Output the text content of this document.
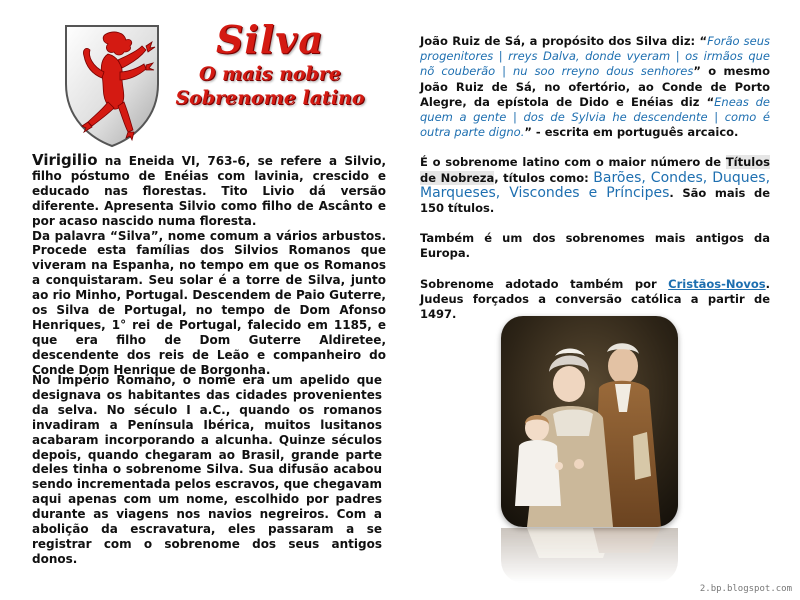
Silva
O mais nobre
Sobrenome latino

Virigilio na Eneida VI, 763-6, se refere a Silvio, filho póstumo de Enéias com lavinia, crescido e educado nas florestas. Tito Livio dá versão diferente. Apresenta Silvio como filho de Ascânto e por acaso nascido numa floresta.

Da palavra “Silva”, nome comum a vários arbustos. Procede esta famílias dos Silvios Romanos que viveram na Espanha, no tempo em que os Romanos a conquistaram. Seu solar é a torre de Silva, junto ao rio Minho, Portugal. Descendem de Paio Guterre, os Silva de Portugal, no tempo de Dom Afonso Henriques, 1° rei de Portugal, falecido em 1185, e que era filho de Dom Guterre Aldiretee, descendente dos reis de Leão e companheiro do Conde Dom Henrique de Borgonha.

No Império Romano, o nome era um apelido que designava os habitantes das cidades provenientes da selva. No século I a.C., quando os romanos invadiram a Península Ibérica, muitos lusitanos acabaram incorporando a alcunha. Quinze séculos depois, quando chegaram ao Brasil, grande parte deles tinha o sobrenome Silva. Sua difusão acabou sendo incrementada pelos escravos, que chegavam aqui apenas com um nome, escolhido por padres durante as viagens nos navios negreiros. Com a abolição da escravatura, eles passaram a se registrar com o sobrenome dos seus antigos donos.

João Ruiz de Sá, a propósito dos Silva diz: “Forão seus progenitores | rreys Dalva, donde vyeram | os irmãos que nõ couberão | nu soo rreyno dous senhores” o mesmo João Ruiz de Sá, no ofertório, ao Conde de Porto Alegre, da epístola de Dido e Enéias diz “Eneas de quem a gente | dos de Sylvia he descendente | como é outra parte digno.” - escrita em português arcaico.

É o sobrenome latino com o maior número de Títulos de Nobreza, títulos como: Barões, Condes, Duques, Marqueses, Viscondes e Príncipes. São mais de 150 títulos.

Também é um dos sobrenomes mais antigos da Europa.

Sobrenome adotado também por Cristãos-Novos. Judeus forçados a conversão católica a partir de 1497.

2.bp.blogspot.com
